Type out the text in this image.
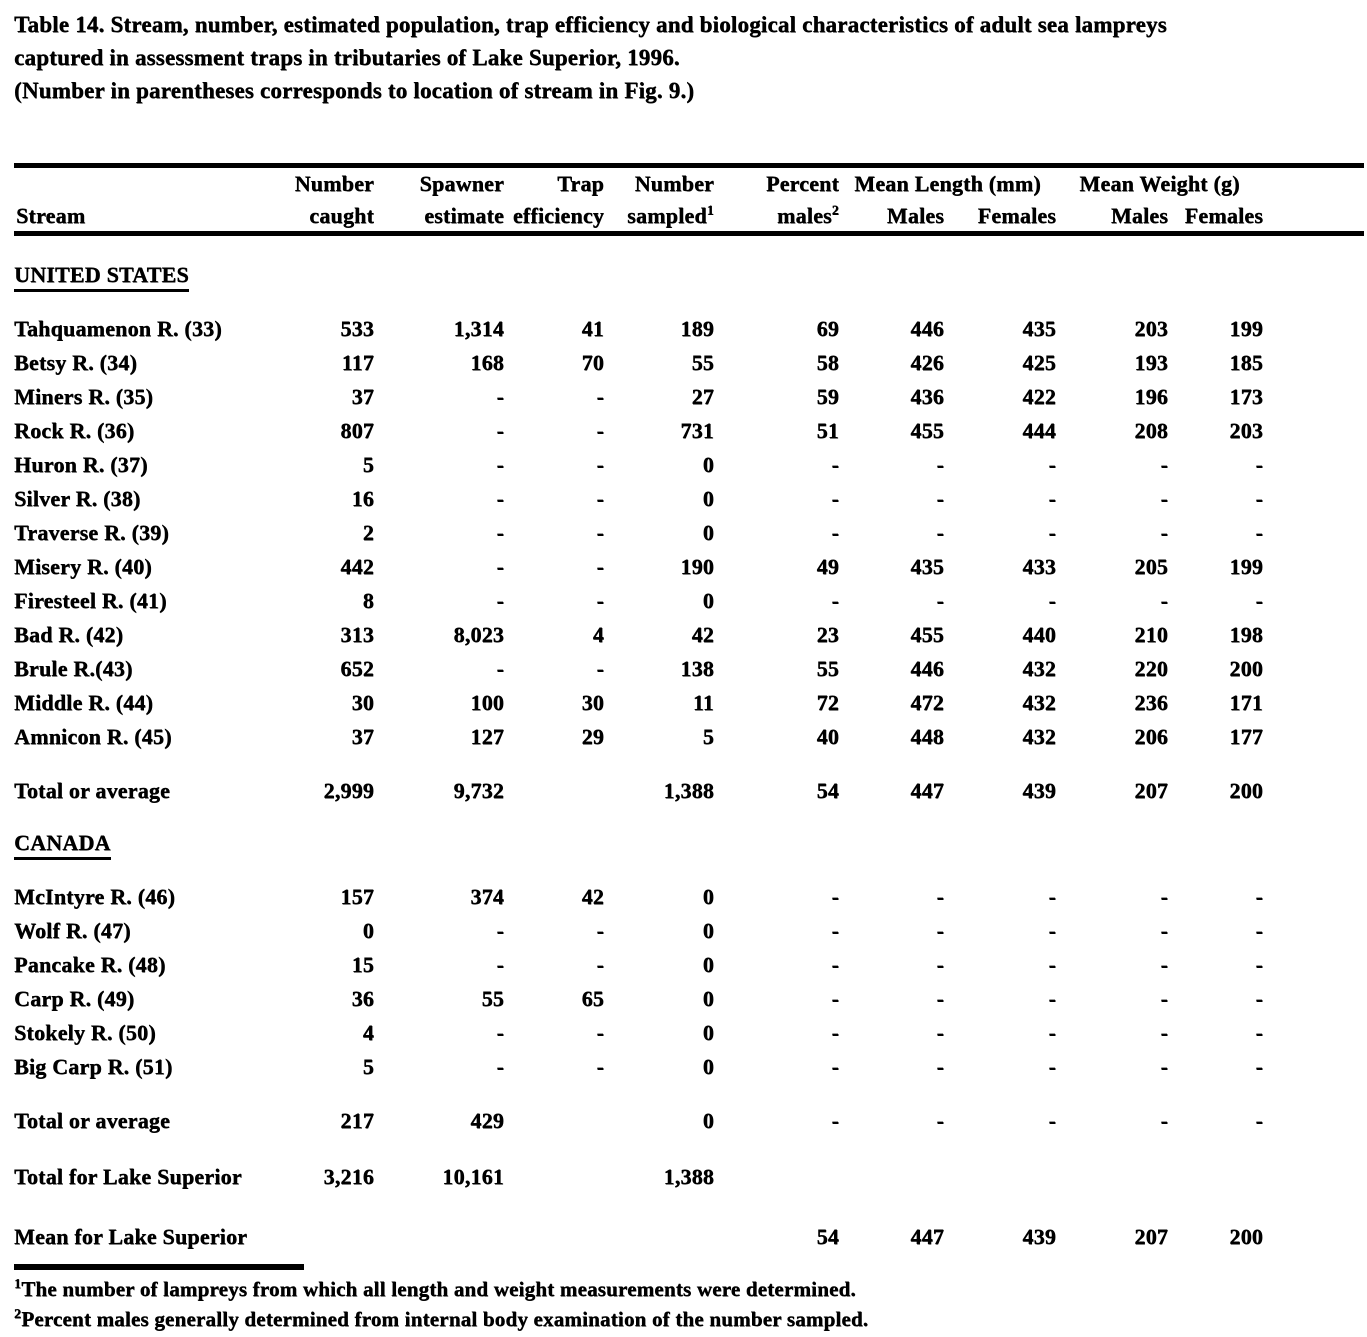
Table 14. Stream, number, estimated population, trap efficiency and biological characteristics of adult sea lampreys
captured in assessment traps in tributaries of Lake Superior, 1996.
(Number in parentheses corresponds to location of stream in Fig. 9.)
	Number	Spawner	Trap	Number	Percent	Mean Length (mm)		Mean Weight (g)		
Stream	caught	estimate	efficiency	sampled$^1$	males$^2$	Males	Females	Males	Females	

UNITED STATES										

Tahquamenon R. (33)	533	1,314	41	189	69	446	435	203	199	
Betsy R. (34)	117	168	70	55	58	426	425	193	185	
Miners R. (35)	37	-	-	27	59	436	422	196	173	
Rock R. (36)	807	-	-	731	51	455	444	208	203	
Huron R. (37)	5	-	-	0	-	-	-	-	-	
Silver R. (38)	16	-	-	0	-	-	-	-	-	
Traverse R. (39)	2	-	-	0	-	-	-	-	-	
Misery R. (40)	442	-	-	190	49	435	433	205	199	
Firesteel R. (41)	8	-	-	0	-	-	-	-	-	
Bad R. (42)	313	8,023	4	42	23	455	440	210	198	
Brule R.(43)	652	-	-	138	55	446	432	220	200	
Middle R. (44)	30	100	30	11	72	472	432	236	171	
Amnicon R. (45)	37	127	29	5	40	448	432	206	177	

Total or average	2,999	9,732		1,388	54	447	439	207	200	

CANADA										

McIntyre R. (46)	157	374	42	0	-	-	-	-	-	
Wolf R. (47)	0	-	-	0	-	-	-	-	-	
Pancake R. (48)	15	-	-	0	-	-	-	-	-	
Carp R. (49)	36	55	65	0	-	-	-	-	-	
Stokely R. (50)	4	-	-	0	-	-	-	-	-	
Big Carp R. (51)	5	-	-	0	-	-	-	-	-	

Total or average	217	429		0	-	-	-	-	-	

Total for Lake Superior	3,216	10,161		1,388						

Mean for Lake Superior					54	447	439	207	200	
$^1$The number of lampreys from which all length and weight measurements were determined.
$^2$Percent males generally determined from internal body examination of the number sampled.
